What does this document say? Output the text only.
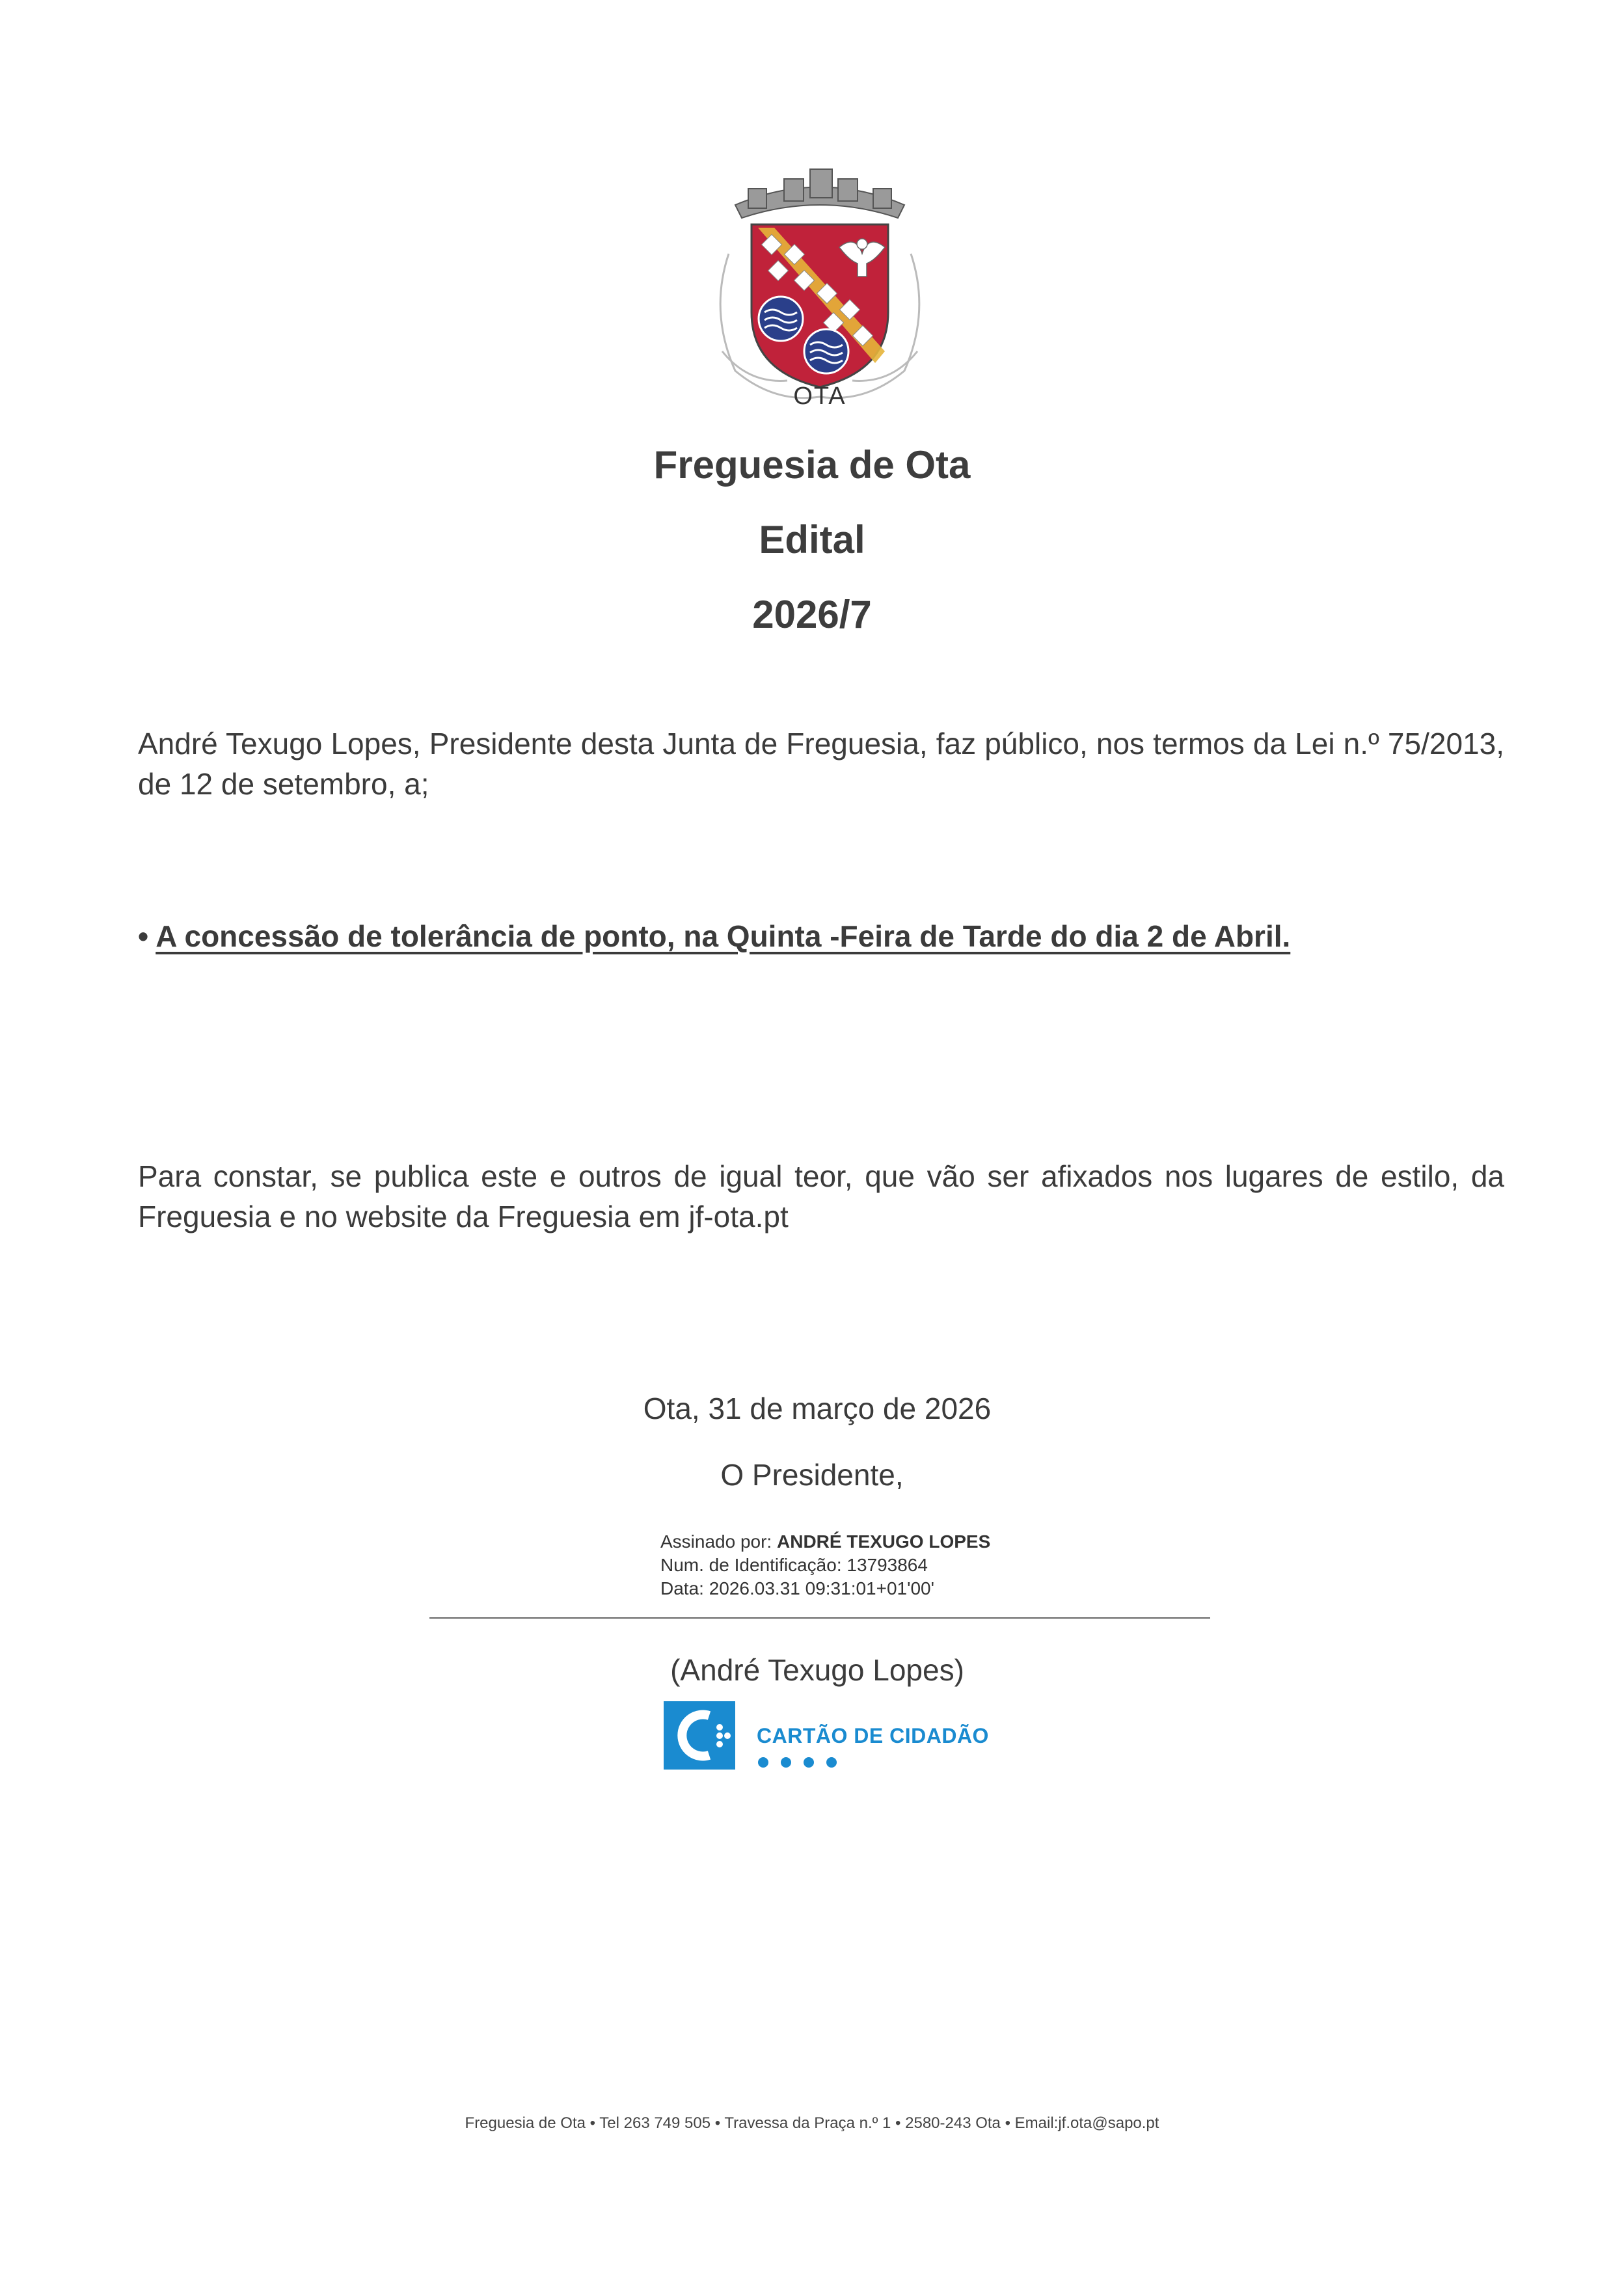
OTA
Freguesia de Ota
Edital
2026/7
André Texugo Lopes, Presidente desta Junta de Freguesia, faz público, nos termos da Lei n.º 75/2013, de 12 de setembro, a;
• A concessão de tolerância de ponto, na Quinta -Feira de Tarde do dia 2 de Abril.
Para constar, se publica este e outros de igual teor, que vão ser afixados nos lugares de estilo, da Freguesia e no website da Freguesia em jf-ota.pt
Ota, 31 de março de 2026
O Presidente,
Assinado por: ANDRÉ TEXUGO LOPES
Num. de Identificação: 13793864
Data: 2026.03.31 09:31:01+01'00'
(André Texugo Lopes)
CARTÃO DE CIDADÃO
Freguesia de Ota • Tel 263 749 505 • Travessa da Praça n.º 1 • 2580-243 Ota • Email:jf.ota@sapo.pt
